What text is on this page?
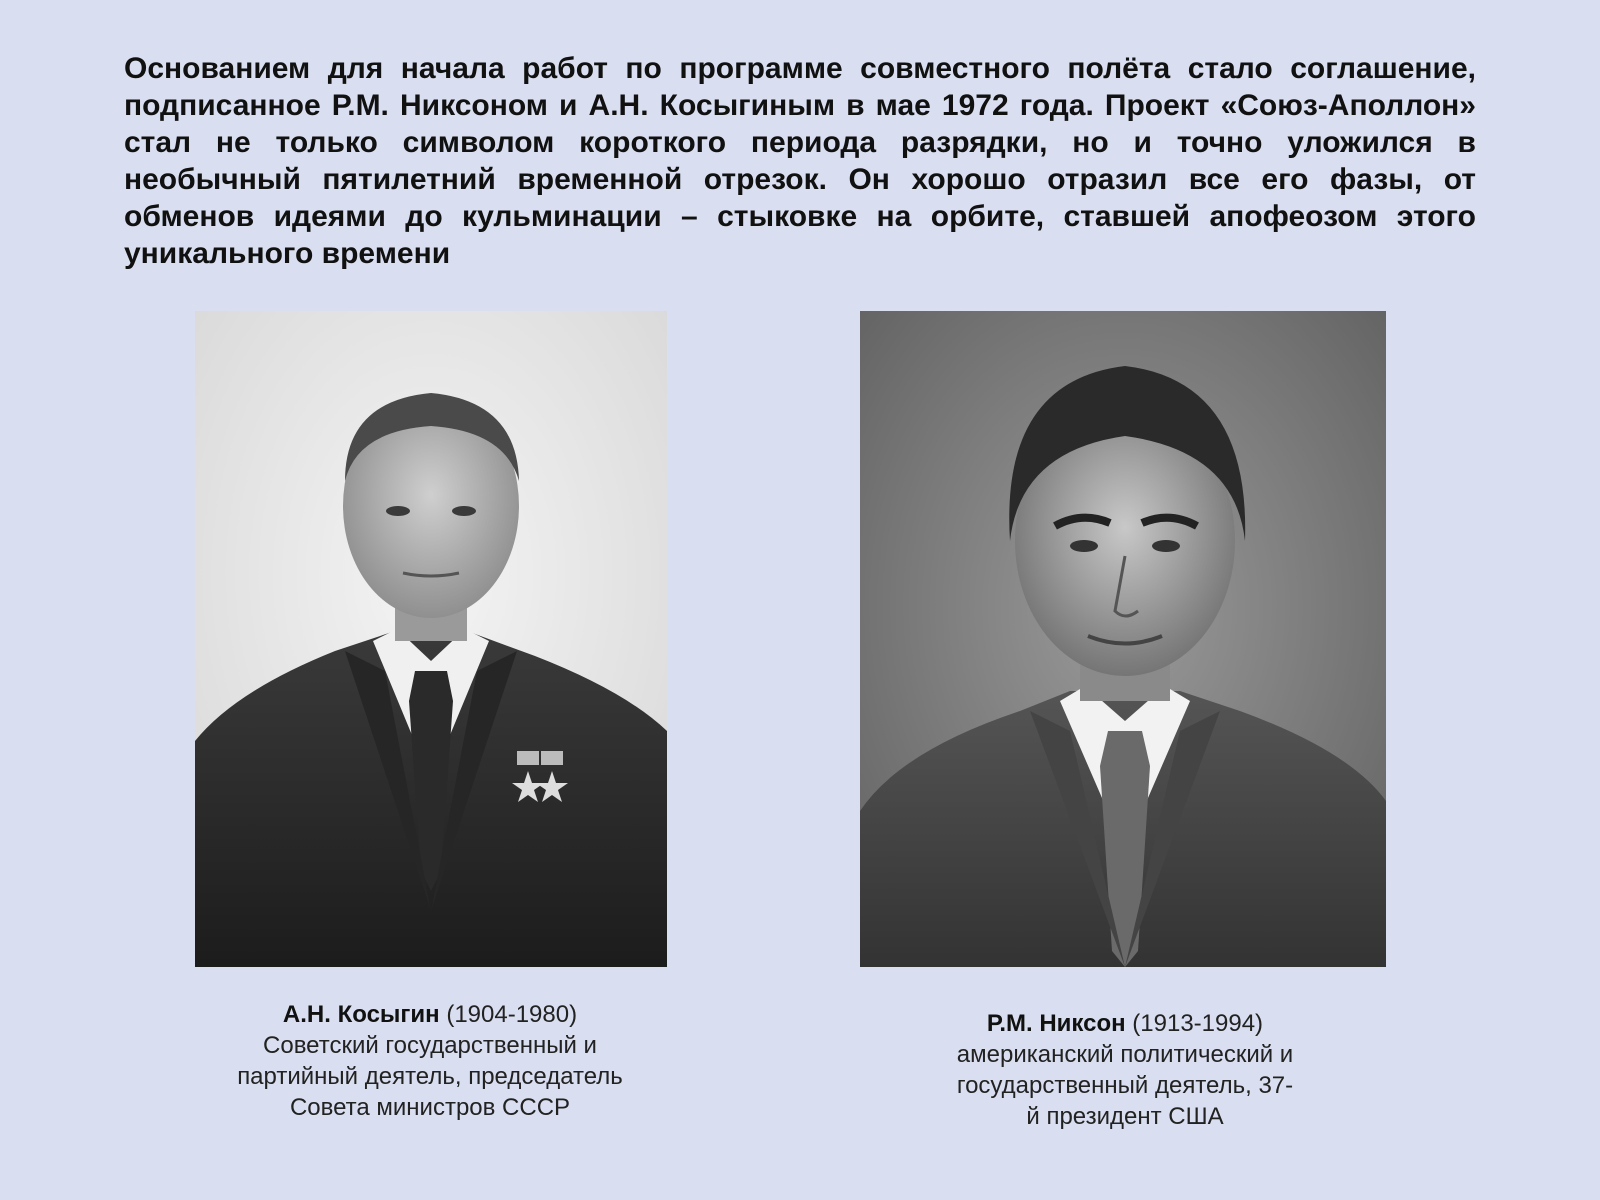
Основанием для начала работ по программе совместного полёта стало соглашение, подписанное Р.М. Никсоном и А.Н. Косыгиным в мае 1972 года. Проект «Союз-Аполлон» стал не только символом короткого периода разрядки, но и точно уложился в необычный пятилетний временной отрезок. Он хорошо отразил все его фазы, от обменов идеями до кульминации – стыковке на орбите, ставшей апофеозом этого уникального времени

А.Н. Косыгин (1904-1980)
Советский государственный и
партийный деятель, председатель
Совета министров СССР
Р.М. Никсон (1913-1994)
американский политический и
государственный деятель, 37-
й президент США
